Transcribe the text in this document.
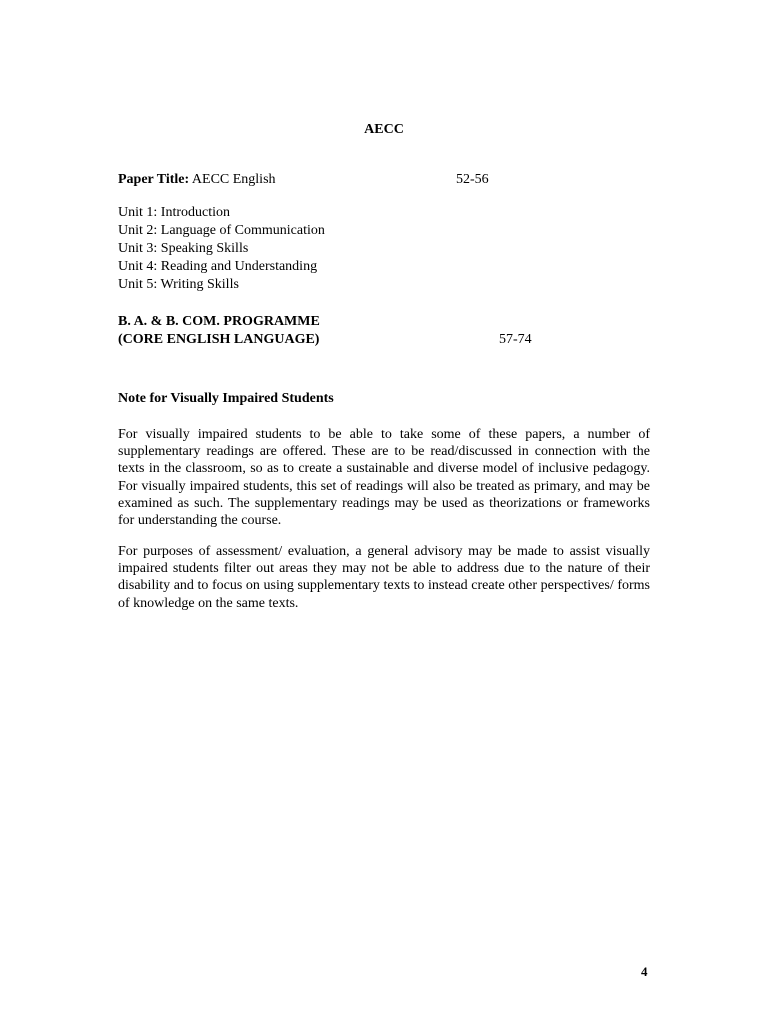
AECC
Paper Title: AECC English	52-56
Unit 1: Introduction
Unit 2: Language of Communication
Unit 3: Speaking Skills
Unit 4: Reading and Understanding
Unit 5: Writing Skills
B. A. & B. COM. PROGRAMME
(CORE ENGLISH LANGUAGE)	57-74
Note for Visually Impaired Students
For visually impaired students to be able to take some of these papers, a number of supplementary readings are offered. These are to be read/discussed in connection with the texts in the classroom, so as to create a sustainable and diverse model of inclusive pedagogy. For visually impaired students, this set of readings will also be treated as primary, and may be examined as such. The supplementary readings may be used as theorizations or frameworks for understanding the course.
For purposes of assessment/ evaluation, a general advisory may be made to assist visually impaired students filter out areas they may not be able to address due to the nature of their disability and to focus on using supplementary texts to instead create other perspectives/ forms of knowledge on the same texts.
4
